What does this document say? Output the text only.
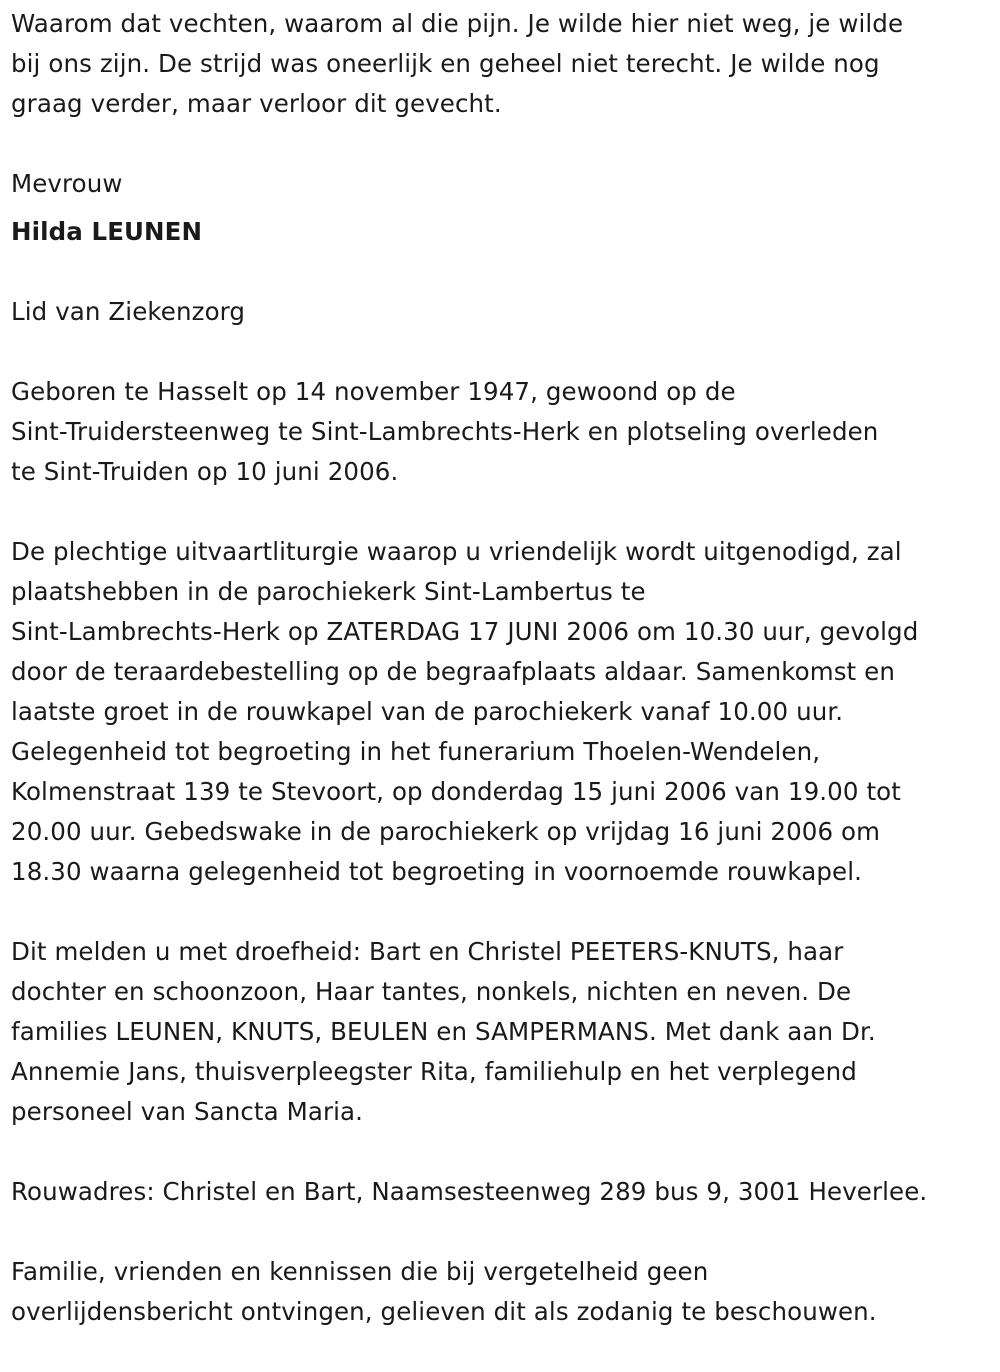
Waarom dat vechten, waarom al die pijn. Je wilde hier niet weg, je wilde
bij ons zijn. De strijd was oneerlijk en geheel niet terecht. Je wilde nog
graag verder, maar verloor dit gevecht.
Mevrouw
Hilda LEUNEN
Lid van Ziekenzorg
Geboren te Hasselt op 14 november 1947, gewoond op de
Sint-Truidersteenweg te Sint-Lambrechts-Herk en plotseling overleden
te Sint-Truiden op 10 juni 2006.
De plechtige uitvaartliturgie waarop u vriendelijk wordt uitgenodigd, zal
plaatshebben in de parochiekerk Sint-Lambertus te
Sint-Lambrechts-Herk op ZATERDAG 17 JUNI 2006 om 10.30 uur, gevolgd
door de teraardebestelling op de begraafplaats aldaar. Samenkomst en
laatste groet in de rouwkapel van de parochiekerk vanaf 10.00 uur.
Gelegenheid tot begroeting in het funerarium Thoelen-Wendelen,
Kolmenstraat 139 te Stevoort, op donderdag 15 juni 2006 van 19.00 tot
20.00 uur. Gebedswake in de parochiekerk op vrijdag 16 juni 2006 om
18.30 waarna gelegenheid tot begroeting in voornoemde rouwkapel.
Dit melden u met droefheid: Bart en Christel PEETERS-KNUTS, haar
dochter en schoonzoon, Haar tantes, nonkels, nichten en neven. De
families LEUNEN, KNUTS, BEULEN en SAMPERMANS. Met dank aan Dr.
Annemie Jans, thuisverpleegster Rita, familiehulp en het verplegend
personeel van Sancta Maria.
Rouwadres: Christel en Bart, Naamsesteenweg 289 bus 9, 3001 Heverlee.
Familie, vrienden en kennissen die bij vergetelheid geen
overlijdensbericht ontvingen, gelieven dit als zodanig te beschouwen.
